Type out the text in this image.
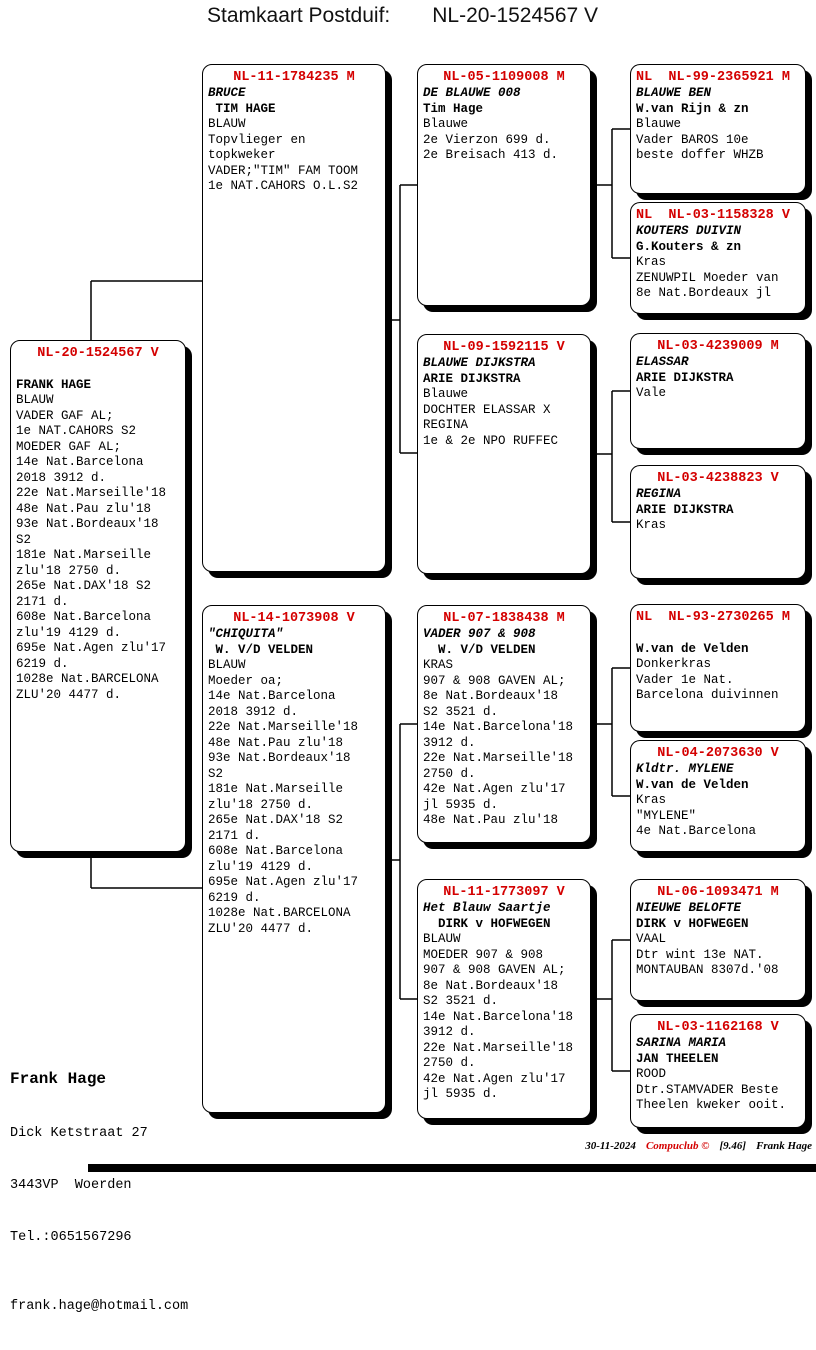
Stamkaart Postduif: NL-20-1524567 V
NL-20-1524567 V

FRANK HAGE
BLAUW
VADER GAF AL;
1e NAT.CAHORS S2
MOEDER GAF AL;
14e Nat.Barcelona
2018 3912 d.
22e Nat.Marseille'18
48e Nat.Pau zlu'18
93e Nat.Bordeaux'18
S2
181e Nat.Marseille
zlu'18 2750 d.
265e Nat.DAX'18 S2
2171 d.
608e Nat.Barcelona
zlu'19 4129 d.
695e Nat.Agen zlu'17
6219 d.
1028e Nat.BARCELONA
ZLU'20 4477 d.
NL-11-1784235 M
BRUCE
TIM HAGE
BLAUW
Topvlieger en
topkweker
VADER;"TIM" FAM TOOM
1e NAT.CAHORS O.L.S2
NL-14-1073908 V
"CHIQUITA"
W. V/D VELDEN
BLAUW
Moeder oa;
14e Nat.Barcelona
2018 3912 d.
22e Nat.Marseille'18
48e Nat.Pau zlu'18
93e Nat.Bordeaux'18
S2
181e Nat.Marseille
zlu'18 2750 d.
265e Nat.DAX'18 S2
2171 d.
608e Nat.Barcelona
zlu'19 4129 d.
695e Nat.Agen zlu'17
6219 d.
1028e Nat.BARCELONA
ZLU'20 4477 d.
NL-05-1109008 M
DE BLAUWE 008
Tim Hage
Blauwe
2e Vierzon 699 d.
2e Breisach 413 d.
NL-09-1592115 V
BLAUWE DIJKSTRA
ARIE DIJKSTRA
Blauwe
DOCHTER ELASSAR X
REGINA
1e & 2e NPO RUFFEC
NL-07-1838438 M
VADER 907 & 908
W. V/D VELDEN
KRAS
907 & 908 GAVEN AL;
8e Nat.Bordeaux'18
S2 3521 d.
14e Nat.Barcelona'18
3912 d.
22e Nat.Marseille'18
2750 d.
42e Nat.Agen zlu'17
jl 5935 d.
48e Nat.Pau zlu'18
NL-11-1773097 V
Het Blauw Saartje
DIRK v HOFWEGEN
BLAUW
MOEDER 907 & 908
907 & 908 GAVEN AL;
8e Nat.Bordeaux'18
S2 3521 d.
14e Nat.Barcelona'18
3912 d.
22e Nat.Marseille'18
2750 d.
42e Nat.Agen zlu'17
jl 5935 d.
NL  NL-99-2365921 M
BLAUWE BEN
W.van Rijn & zn
Blauwe
Vader BAROS 10e
beste doffer WHZB
NL  NL-03-1158328 V
KOUTERS DUIVIN
G.Kouters & zn
Kras
ZENUWPIL Moeder van
8e Nat.Bordeaux jl
NL-03-4239009 M
ELASSAR
ARIE DIJKSTRA
Vale
NL-03-4238823 V
REGINA
ARIE DIJKSTRA
Kras
NL  NL-93-2730265 M

W.van de Velden
Donkerkras
Vader 1e Nat.
Barcelona duivinnen
NL-04-2073630 V
Kldtr. MYLENE
W.van de Velden
Kras
"MYLENE"
4e Nat.Barcelona
NL-06-1093471 M
NIEUWE BELOFTE
DIRK v HOFWEGEN
VAAL
Dtr wint 13e NAT.
MONTAUBAN 8307d.'08
NL-03-1162168 V
SARINA MARIA
JAN THEELEN
ROOD
Dtr.STAMVADER Beste
Theelen kweker ooit.

Frank Hage

Dick Ketstraat 27

3443VP  Woerden

Tel.:0651567296

frank.hage@hotmail.com

30-11-2024 Compuclub © [9.46] Frank Hage
